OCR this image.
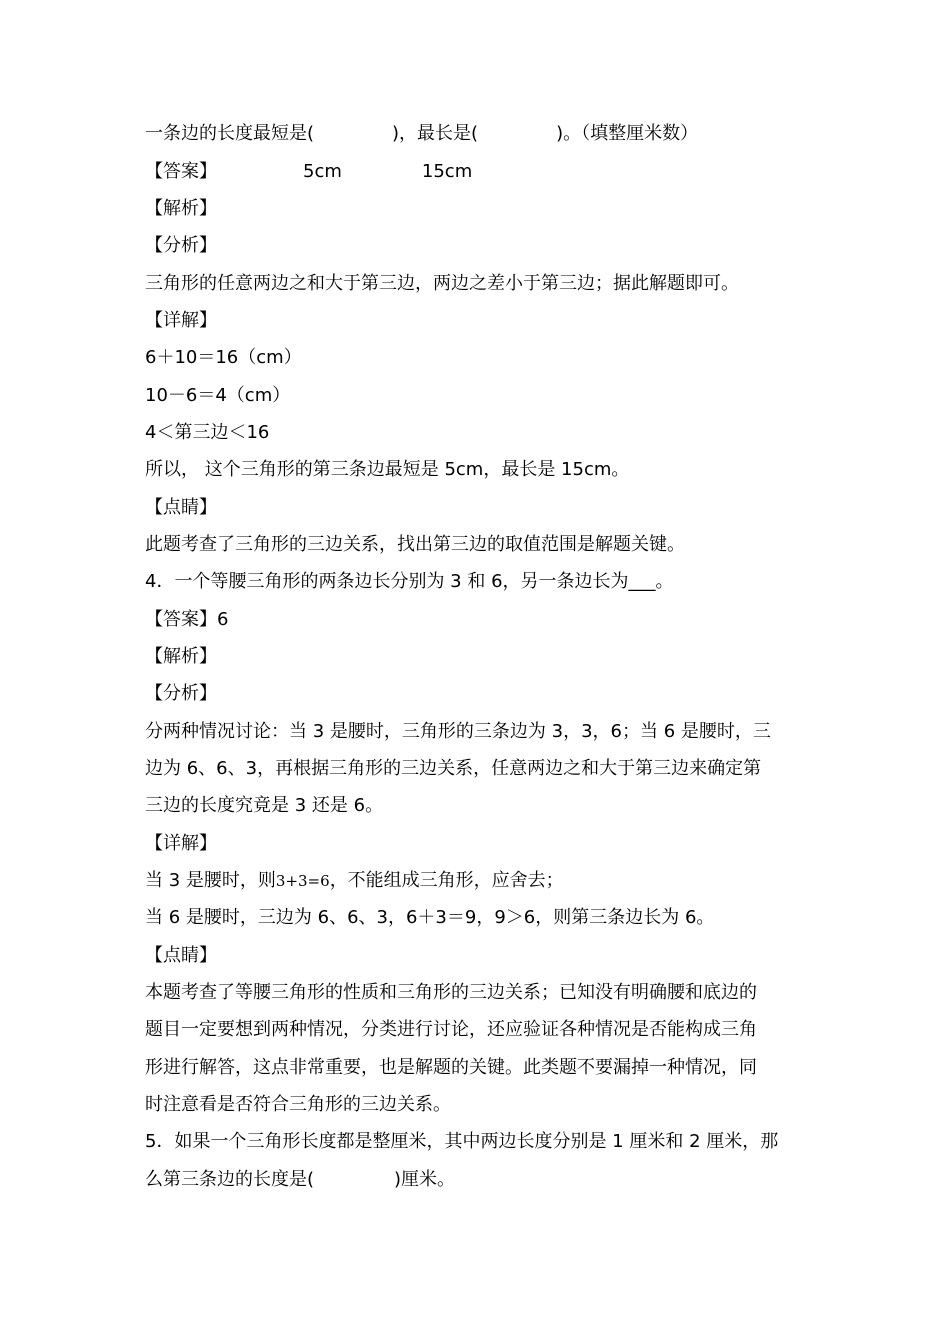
一条边的长度最短是(	)，最长是(	)。（填整厘米数）
【答案】	5cm	15cm
【解析】
【分析】
三角形的任意两边之和大于第三边，两边之差小于第三边；据此解题即可。
【详解】
6＋10＝16（cm）
10－6＝4（cm）
4＜第三边＜16
所以， 这个三角形的第三条边最短是 5cm，最长是 15cm。
【点睛】
此题考查了三角形的三边关系，找出第三边的取值范围是解题关键。
4．一个等腰三角形的两条边长分别为 3 和 6，另一条边长为___。
【答案】6
【解析】
【分析】
分两种情况讨论：当 3 是腰时，三角形的三条边为 3，3，6；当 6 是腰时，三
边为 6、6、3，再根据三角形的三边关系，任意两边之和大于第三边来确定第
三边的长度究竟是 3 还是 6。
【详解】
当 3 是腰时，则3+3=6，不能组成三角形，应舍去；
当 6 是腰时，三边为 6、6、3，6＋3＝9，9＞6，则第三条边长为 6。
【点睛】
本题考查了等腰三角形的性质和三角形的三边关系；已知没有明确腰和底边的
题目一定要想到两种情况，分类进行讨论，还应验证各种情况是否能构成三角
形进行解答，这点非常重要，也是解题的关键。此类题不要漏掉一种情况，同
时注意看是否符合三角形的三边关系。
5．如果一个三角形长度都是整厘米，其中两边长度分别是 1 厘米和 2 厘米，那
么第三条边的长度是(	)厘米。
